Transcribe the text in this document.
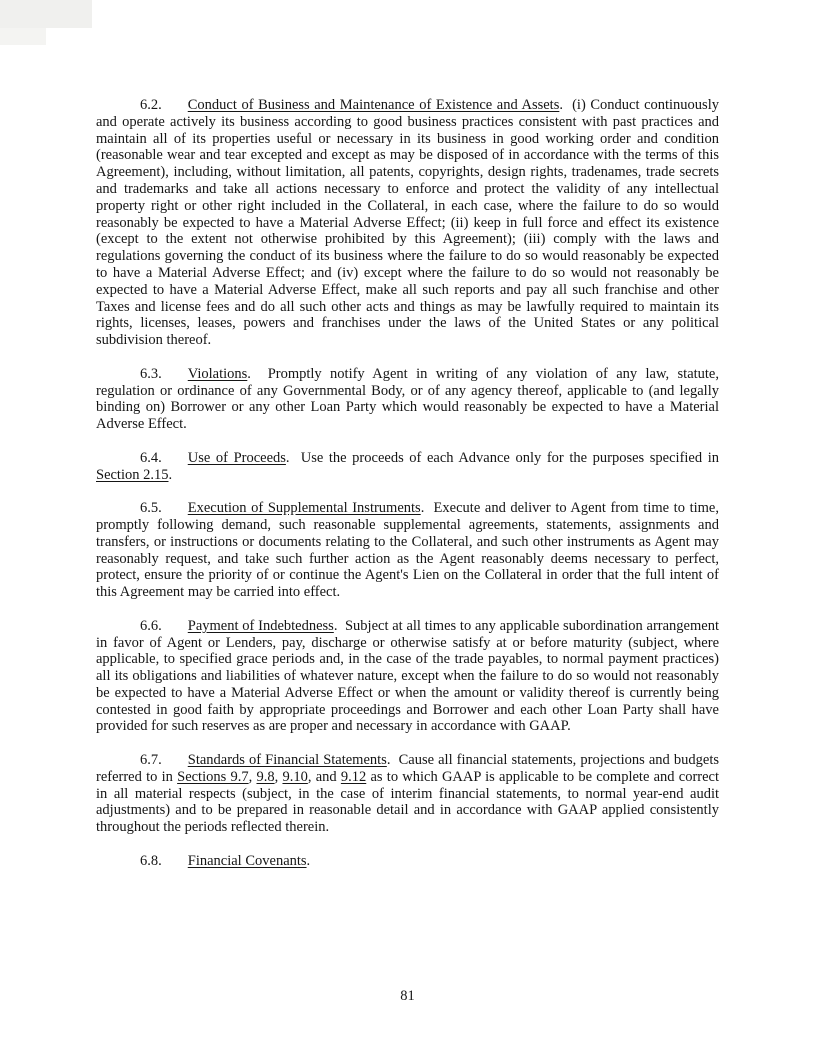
6.2. Conduct of Business and Maintenance of Existence and Assets.  (i) Conduct continuously and operate actively its business according to good business practices consistent with past practices and maintain all of its properties useful or necessary in its business in good working order and condition (reasonable wear and tear excepted and except as may be disposed of in accordance with the terms of this Agreement), including, without limitation, all patents, copyrights, design rights, tradenames, trade secrets and trademarks and take all actions necessary to enforce and protect the validity of any intellectual property right or other right included in the Collateral, in each case, where the failure to do so would reasonably be expected to have a Material Adverse Effect; (ii) keep in full force and effect its existence (except to the extent not otherwise prohibited by this Agreement); (iii) comply with the laws and regulations governing the conduct of its business where the failure to do so would reasonably be expected to have a Material Adverse Effect; and (iv) except where the failure to do so would not reasonably be expected to have a Material Adverse Effect, make all such reports and pay all such franchise and other Taxes and license fees and do all such other acts and things as may be lawfully required to maintain its rights, licenses, leases, powers and franchises under the laws of the United States or any political subdivision thereof.

6.3. Violations.  Promptly notify Agent in writing of any violation of any law, statute, regulation or ordinance of any Governmental Body, or of any agency thereof, applicable to (and legally binding on) Borrower or any other Loan Party which would reasonably be expected to have a Material Adverse Effect.

6.4. Use of Proceeds.  Use the proceeds of each Advance only for the purposes specified in Section 2.15.

6.5. Execution of Supplemental Instruments.  Execute and deliver to Agent from time to time, promptly following demand, such reasonable supplemental agreements, statements, assignments and transfers, or instructions or documents relating to the Collateral, and such other instruments as Agent may reasonably request, and take such further action as the Agent reasonably deems necessary to perfect, protect, ensure the priority of or continue the Agent's Lien on the Collateral in order that the full intent of this Agreement may be carried into effect.

6.6. Payment of Indebtedness.  Subject at all times to any applicable subordination arrangement in favor of Agent or Lenders, pay, discharge or otherwise satisfy at or before maturity (subject, where applicable, to specified grace periods and, in the case of the trade payables, to normal payment practices) all its obligations and liabilities of whatever nature, except when the failure to do so would not reasonably be expected to have a Material Adverse Effect or when the amount or validity thereof is currently being contested in good faith by appropriate proceedings and Borrower and each other Loan Party shall have provided for such reserves as are proper and necessary in accordance with GAAP.

6.7. Standards of Financial Statements.  Cause all financial statements, projections and budgets referred to in Sections 9.7, 9.8, 9.10, and 9.12 as to which GAAP is applicable to be complete and correct in all material respects (subject, in the case of interim financial statements, to normal year-end audit adjustments) and to be prepared in reasonable detail and in accordance with GAAP applied consistently throughout the periods reflected therein.

6.8. Financial Covenants.

81
